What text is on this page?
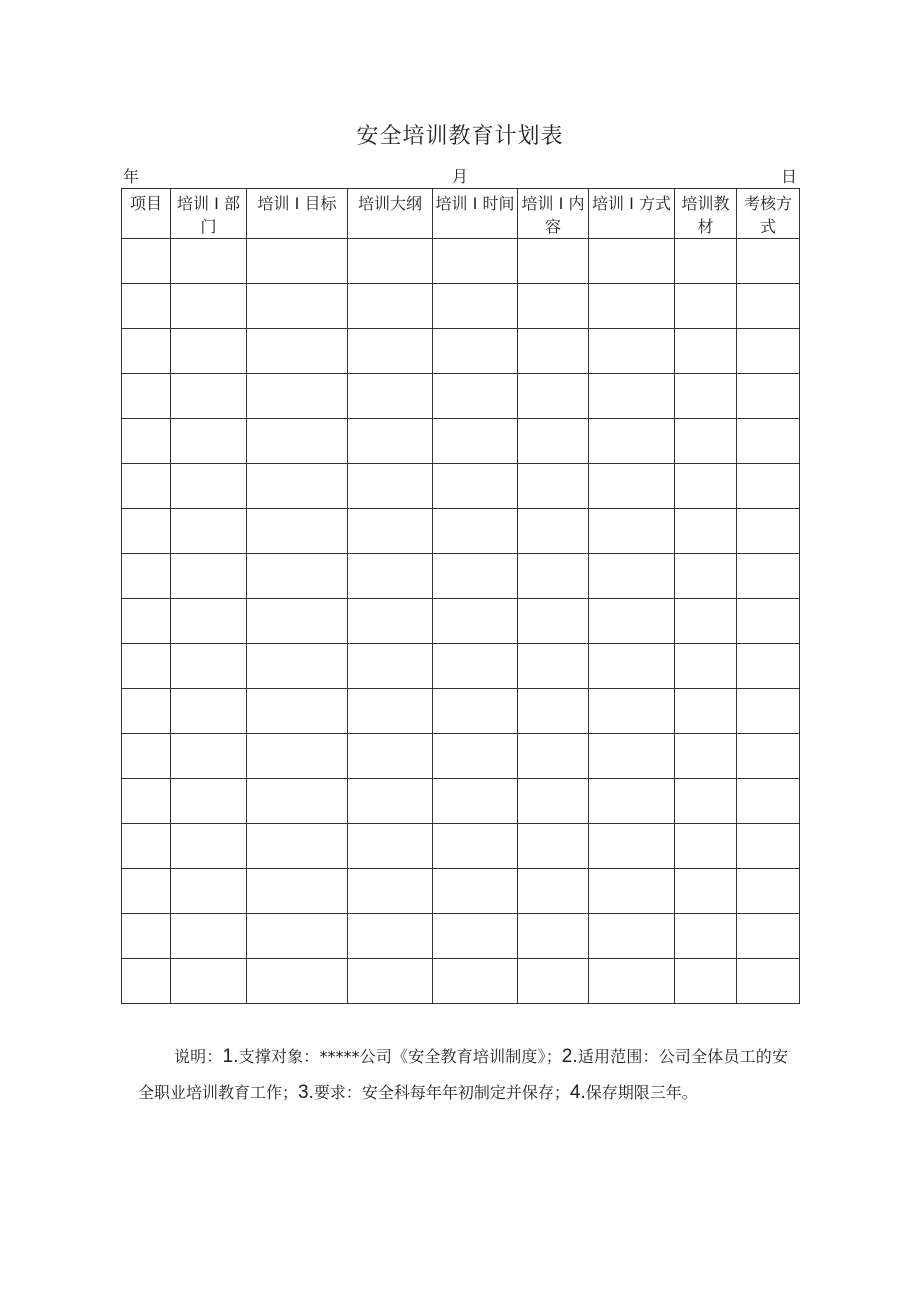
安全培训教育计划表
年	月	日
项目	培训 I 部门	培训 I 目标	培训大纲	培训 I 时间	培训 I 内容	培训 I 方式	培训教材	考核方式

说明：1.支撑对象：*****公司《安全教育培训制度》；2.适用范围：公司全体员工的安全职业培训教育工作；3.要求：安全科每年年初制定并保存；4.保存期限三年。
